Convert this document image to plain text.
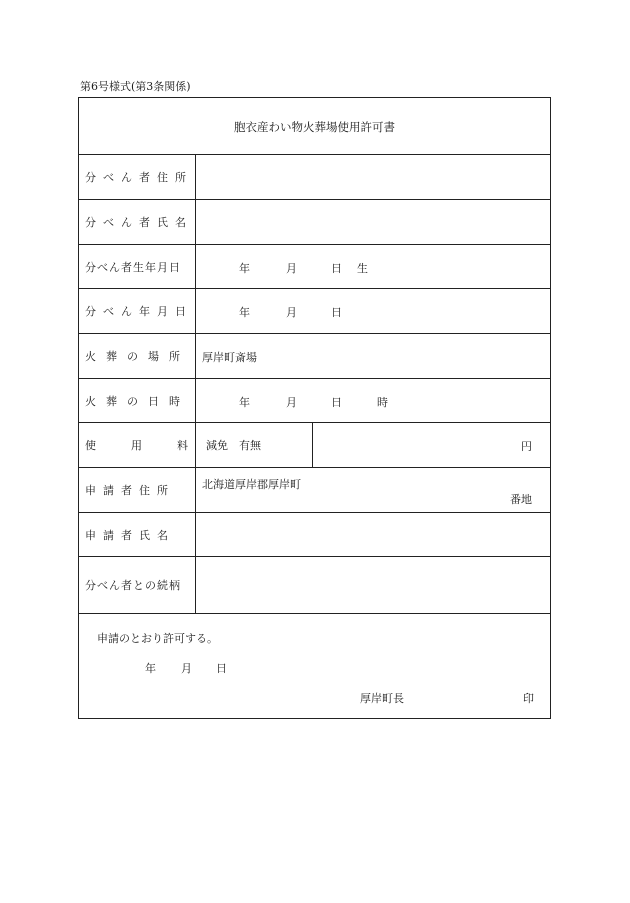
第6号様式(第3条関係)
胞衣産わい物火葬場使用許可書
分べん者住所
分べん者氏名
分べん者生年月日	年	月	日 生
分べん年月日	年	月	日
火葬の場所	厚岸町斎場
火葬の日時	年	月	日	時
使	用	料	減免　有無	円
申請者住所	北海道厚岸郡厚岸町
番地
申請者氏名
分べん者との続柄
申請のとおり許可する。
年 月 日
厚岸町長	印
